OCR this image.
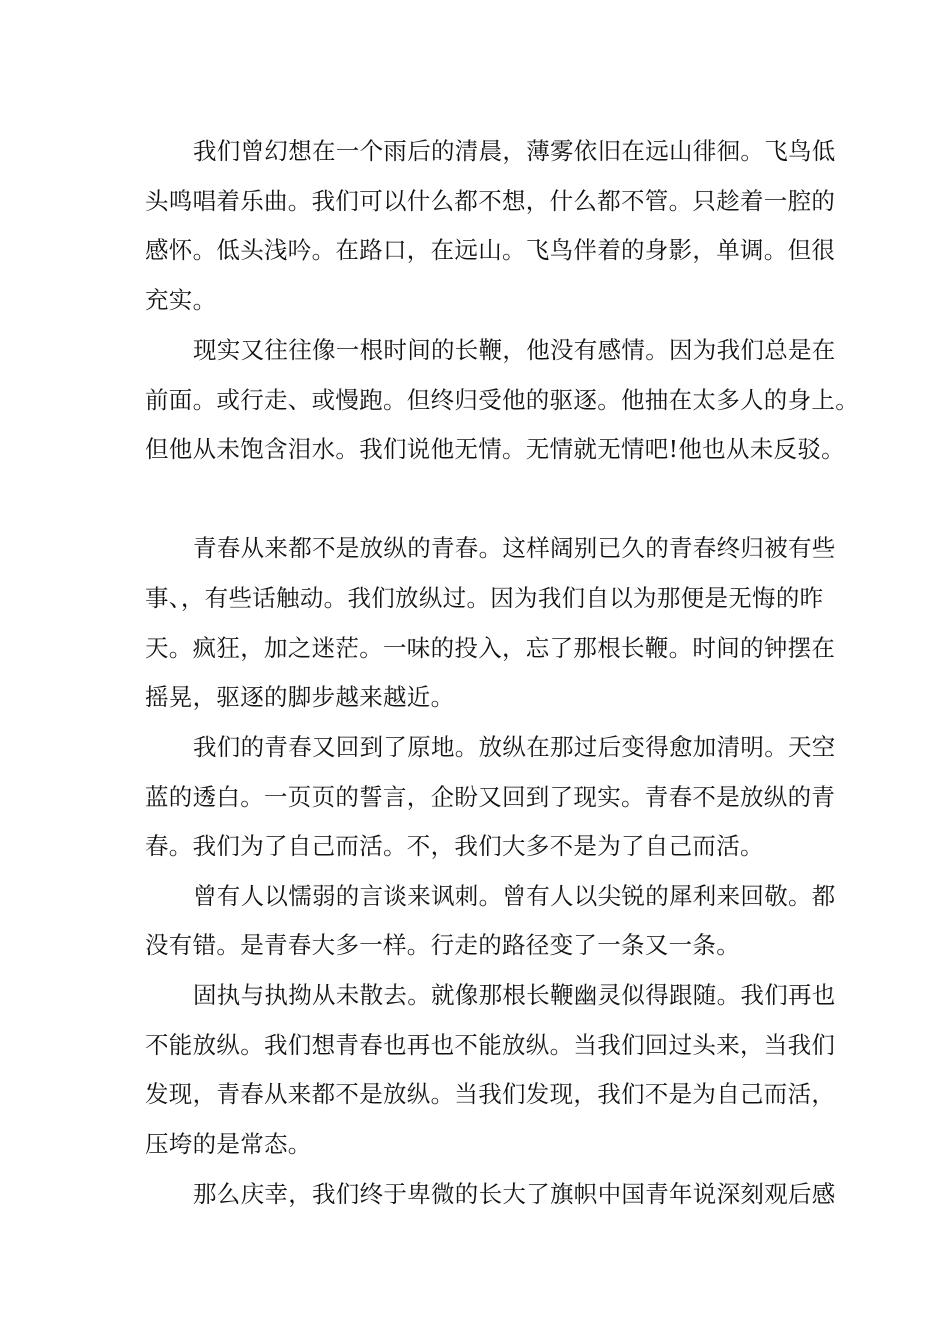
我们曾幻想在一个雨后的清晨，薄雾依旧在远山徘徊。飞鸟低
头鸣唱着乐曲。我们可以什么都不想，什么都不管。只趁着一腔的
感怀。低头浅吟。在路口，在远山。飞鸟伴着的身影，单调。但很
充实。
现实又往往像一根时间的长鞭，他没有感情。因为我们总是在
前面。或行走、或慢跑。但终归受他的驱逐。他抽在太多人的身上。
但他从未饱含泪水。我们说他无情。无情就无情吧!他也从未反驳。
青春从来都不是放纵的青春。这样阔别已久的青春终归被有些
事、，有些话触动。我们放纵过。因为我们自以为那便是无悔的昨
天。疯狂，加之迷茫。一味的投入，忘了那根长鞭。时间的钟摆在
摇晃，驱逐的脚步越来越近。
我们的青春又回到了原地。放纵在那过后变得愈加清明。天空
蓝的透白。一页页的誓言，企盼又回到了现实。青春不是放纵的青
春。我们为了自己而活。不，我们大多不是为了自己而活。
曾有人以懦弱的言谈来讽刺。曾有人以尖锐的犀利来回敬。都
没有错。是青春大多一样。行走的路径变了一条又一条。
固执与执拗从未散去。就像那根长鞭幽灵似得跟随。我们再也
不能放纵。我们想青春也再也不能放纵。当我们回过头来，当我们
发现，青春从来都不是放纵。当我们发现，我们不是为自己而活，
压垮的是常态。
那么庆幸，我们终于卑微的长大了旗帜中国青年说深刻观后感
